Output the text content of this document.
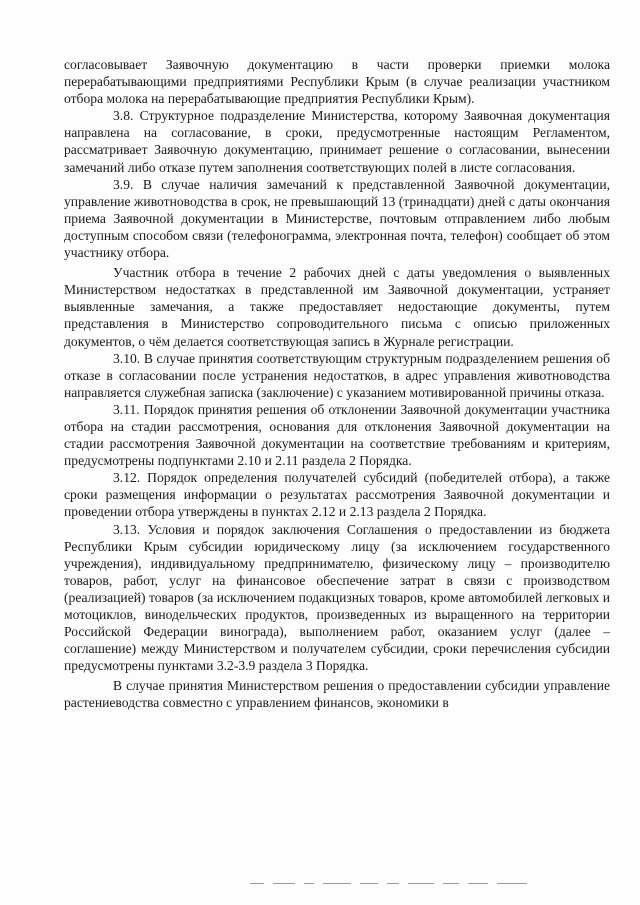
согласовывает Заявочную документацию в части проверки приемки молока перерабатывающими предприятиями Республики Крым (в случае реализации участником отбора молока на перерабатывающие предприятия Республики Крым).

3.8. Структурное подразделение Министерства, которому Заявочная документация направлена на согласование, в сроки, предусмотренные настоящим Регламентом, рассматривает Заявочную документацию, принимает решение о согласовании, вынесении замечаний либо отказе путем заполнения соответствующих полей в листе согласования.

3.9. В случае наличия замечаний к представленной Заявочной документации, управление животноводства в срок, не превышающий 13 (тринадцати) дней с даты окончания приема Заявочной документации в Министерстве, почтовым отправлением либо любым доступным способом связи (телефонограмма, электронная почта, телефон) сообщает об этом участнику отбора.

Участник отбора в течение 2 рабочих дней с даты уведомления о выявленных Министерством недостатках в представленной им Заявочной документации, устраняет выявленные замечания, а также предоставляет недостающие документы, путем представления в Министерство сопроводительного письма с описью приложенных документов, о чём делается соответствующая запись в Журнале регистрации.

3.10. В случае принятия соответствующим структурным подразделением решения об отказе в согласовании после устранения недостатков, в адрес управления животноводства направляется служебная записка (заключение) с указанием мотивированной причины отказа.

3.11. Порядок принятия решения об отклонении Заявочной документации участника отбора на стадии рассмотрения, основания для отклонения Заявочной документации на стадии рассмотрения Заявочной документации на соответствие требованиям и критериям, предусмотрены подпунктами 2.10 и 2.11 раздела 2 Порядка.

3.12. Порядок определения получателей субсидий (победителей отбора), а также сроки размещения информации о результатах рассмотрения Заявочной документации и проведении отбора утверждены в пунктах 2.12 и 2.13 раздела 2 Порядка.

3.13. Условия и порядок заключения Соглашения о предоставлении из бюджета Республики Крым субсидии юридическому лицу (за исключением государственного учреждения), индивидуальному предпринимателю, физическому лицу – производителю товаров, работ, услуг на финансовое обеспечение затрат в связи с производством (реализацией) товаров (за исключением подакцизных товаров, кроме автомобилей легковых и мотоциклов, винодельческих продуктов, произведенных из выращенного на территории Российской Федерации винограда), выполнением работ, оказанием услуг (далее – соглашение) между Министерством и получателем субсидии, сроки перечисления субсидии предусмотрены пунктами 3.2-3.9 раздела 3 Порядка.

В случае принятия Министерством решения о предоставлении субсидии управление растениеводства совместно с управлением финансов, экономики в
